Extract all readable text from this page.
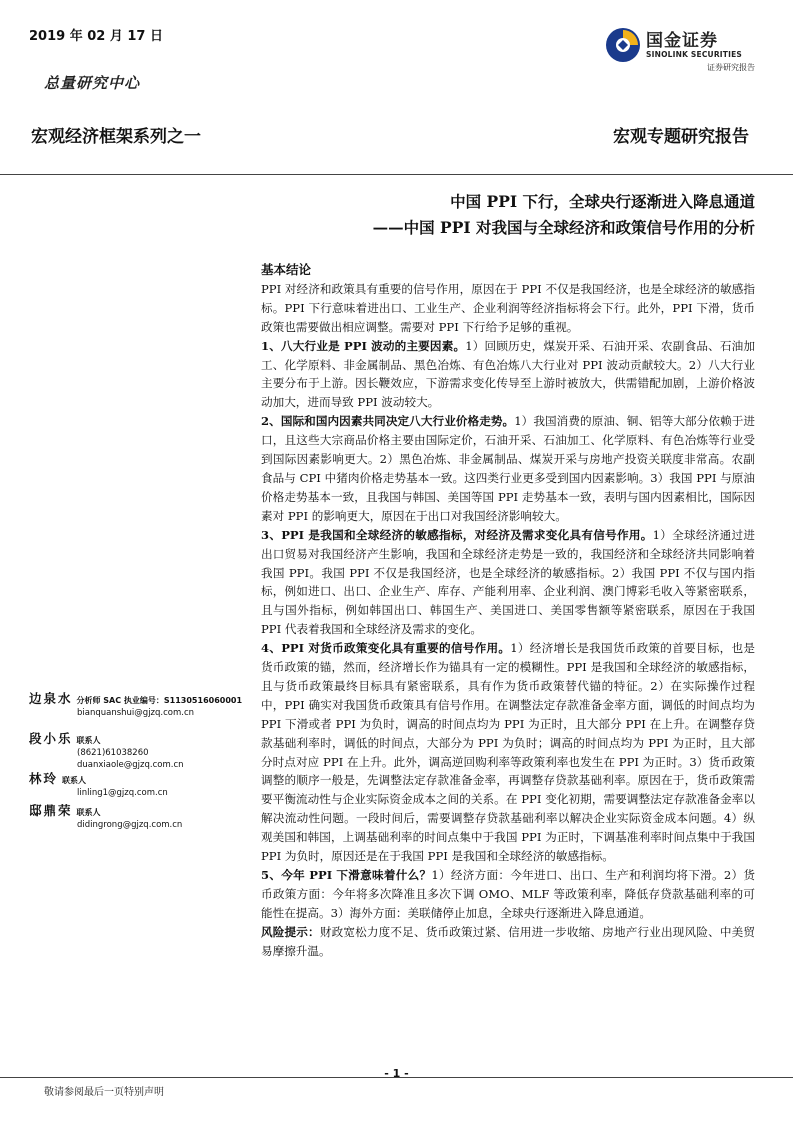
2019 年 02 月 17 日
总量研究中心
国金证券
SINOLINK SECURITIES
证券研究报告
宏观经济框架系列之一	宏观专题研究报告
中国 PPI 下行，全球央行逐渐进入降息通道
——中国 PPI 对我国与全球经济和政策信号作用的分析

基本结论

PPI 对经济和政策具有重要的信号作用，原因在于 PPI 不仅是我国经济，也是全球经济的敏感指标。PPI 下行意味着进出口、工业生产、企业利润等经济指标将会下行。此外，PPI 下滑，货币政策也需要做出相应调整。需要对 PPI 下行给予足够的重视。

1、八大行业是 PPI 波动的主要因素。1）回顾历史，煤炭开采、石油开采、农副食品、石油加工、化学原料、非金属制品、黑色冶炼、有色冶炼八大行业对 PPI 波动贡献较大。2）八大行业主要分布于上游。因长鞭效应，下游需求变化传导至上游时被放大，供需错配加剧，上游价格波动加大，进而导致 PPI 波动较大。

2、国际和国内因素共同决定八大行业价格走势。1）我国消费的原油、铜、铝等大部分依赖于进口，且这些大宗商品价格主要由国际定价，石油开采、石油加工、化学原料、有色冶炼等行业受到国际因素影响更大。2）黑色冶炼、非金属制品、煤炭开采与房地产投资关联度非常高。农副食品与 CPI 中猪肉价格走势基本一致。这四类行业更多受到国内因素影响。3）我国 PPI 与原油价格走势基本一致，且我国与韩国、美国等国 PPI 走势基本一致，表明与国内因素相比，国际因素对 PPI 的影响更大，原因在于出口对我国经济影响较大。

3、PPI 是我国和全球经济的敏感指标，对经济及需求变化具有信号作用。1）全球经济通过进出口贸易对我国经济产生影响，我国和全球经济走势是一致的，我国经济和全球经济共同影响着我国 PPI。我国 PPI 不仅是我国经济，也是全球经济的敏感指标。2）我国 PPI 不仅与国内指标，例如进口、出口、企业生产、库存、产能利用率、企业利润、澳门博彩毛收入等紧密联系，且与国外指标，例如韩国出口、韩国生产、美国进口、美国零售额等紧密联系，原因在于我国 PPI 代表着我国和全球经济及需求的变化。

4、PPI 对货币政策变化具有重要的信号作用。1）经济增长是我国货币政策的首要目标，也是货币政策的锚，然而，经济增长作为锚具有一定的模糊性。PPI 是我国和全球经济的敏感指标，且与货币政策最终目标具有紧密联系，具有作为货币政策替代锚的特征。2）在实际操作过程中，PPI 确实对我国货币政策具有信号作用。在调整法定存款准备金率方面，调低的时间点均为 PPI 下滑或者 PPI 为负时，调高的时间点均为 PPI 为正时，且大部分 PPI 在上升。在调整存贷款基础利率时，调低的时间点，大部分为 PPI 为负时；调高的时间点均为 PPI 为正时，且大部分时点对应 PPI 在上升。此外，调高逆回购利率等政策利率也发生在 PPI 为正时。3）货币政策调整的顺序一般是，先调整法定存款准备金率，再调整存贷款基础利率。原因在于，货币政策需要平衡流动性与企业实际资金成本之间的关系。在 PPI 变化初期，需要调整法定存款准备金率以解决流动性问题。一段时间后，需要调整存贷款基础利率以解决企业实际资金成本问题。4）纵观美国和韩国，上调基础利率的时间点集中于我国 PPI 为正时，下调基准利率时间点集中于我国 PPI 为负时，原因还是在于我国 PPI 是我国和全球经济的敏感指标。

5、今年 PPI 下滑意味着什么？1）经济方面：今年进口、出口、生产和利润均将下滑。2）货币政策方面：今年将多次降准且多次下调 OMO、MLF 等政策利率，降低存贷款基础利率的可能性在提高。3）海外方面：美联储停止加息，全球央行逐渐进入降息通道。

风险提示：财政宽松力度不足、货币政策过紧、信用进一步收缩、房地产行业出现风险、中美贸易摩擦升温。

边泉水 分析师 SAC 执业编号：S1130516060001
bianquanshui@gjzq.com.cn
段小乐 联系人
(8621)61038260
duanxiaole@gjzq.com.cn
林玲 联系人
linling1@gjzq.com.cn
邸鼎荣 联系人
didingrong@gjzq.com.cn
- 1 -
敬请参阅最后一页特别声明
